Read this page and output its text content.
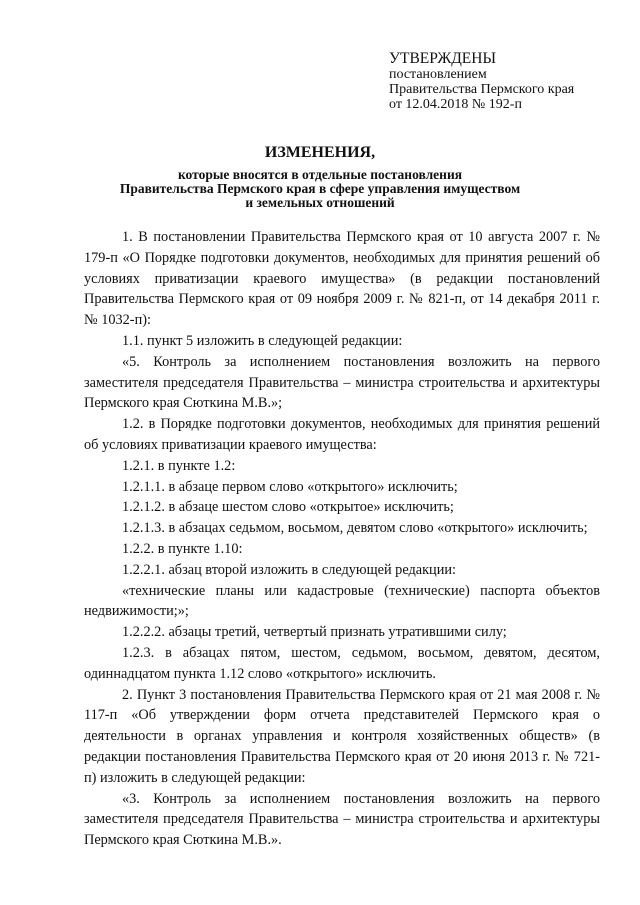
УТВЕРЖДЕНЫ
постановлением
Правительства Пермского края
от 12.04.2018 № 192-п
ИЗМЕНЕНИЯ,
которые вносятся в отдельные постановления
Правительства Пермского края в сфере управления имуществом
и земельных отношений

1. В постановлении Правительства Пермского края от 10 августа 2007 г. № 179-п «О Порядке подготовки документов, необходимых для принятия решений об условиях приватизации краевого имущества» (в редакции постановлений Правительства Пермского края от 09 ноября 2009 г. № 821-п, от 14 декабря 2011 г. № 1032-п):

1.1. пункт 5 изложить в следующей редакции:

«5. Контроль за исполнением постановления возложить на первого заместителя председателя Правительства – министра строительства и архитектуры Пермского края Сюткина М.В.»;

1.2. в Порядке подготовки документов, необходимых для принятия решений об условиях приватизации краевого имущества:

1.2.1. в пункте 1.2:

1.2.1.1. в абзаце первом слово «открытого» исключить;

1.2.1.2. в абзаце шестом слово «открытое» исключить;

1.2.1.3. в абзацах седьмом, восьмом, девятом слово «открытого» исключить;

1.2.2. в пункте 1.10:

1.2.2.1. абзац второй изложить в следующей редакции:

«технические планы или кадастровые (технические) паспорта объектов недвижимости;»;

1.2.2.2. абзацы третий, четвертый признать утратившими силу;

1.2.3. в абзацах пятом, шестом, седьмом, восьмом, девятом, десятом, одиннадцатом пункта 1.12 слово «открытого» исключить.

2. Пункт 3 постановления Правительства Пермского края от 21 мая 2008 г. № 117-п «Об утверждении форм отчета представителей Пермского края о деятельности в органах управления и контроля хозяйственных обществ» (в редакции постановления Правительства Пермского края от 20 июня 2013 г. № 721-п) изложить в следующей редакции:

«3. Контроль за исполнением постановления возложить на первого заместителя председателя Правительства – министра строительства и архитектуры Пермского края Сюткина М.В.».
